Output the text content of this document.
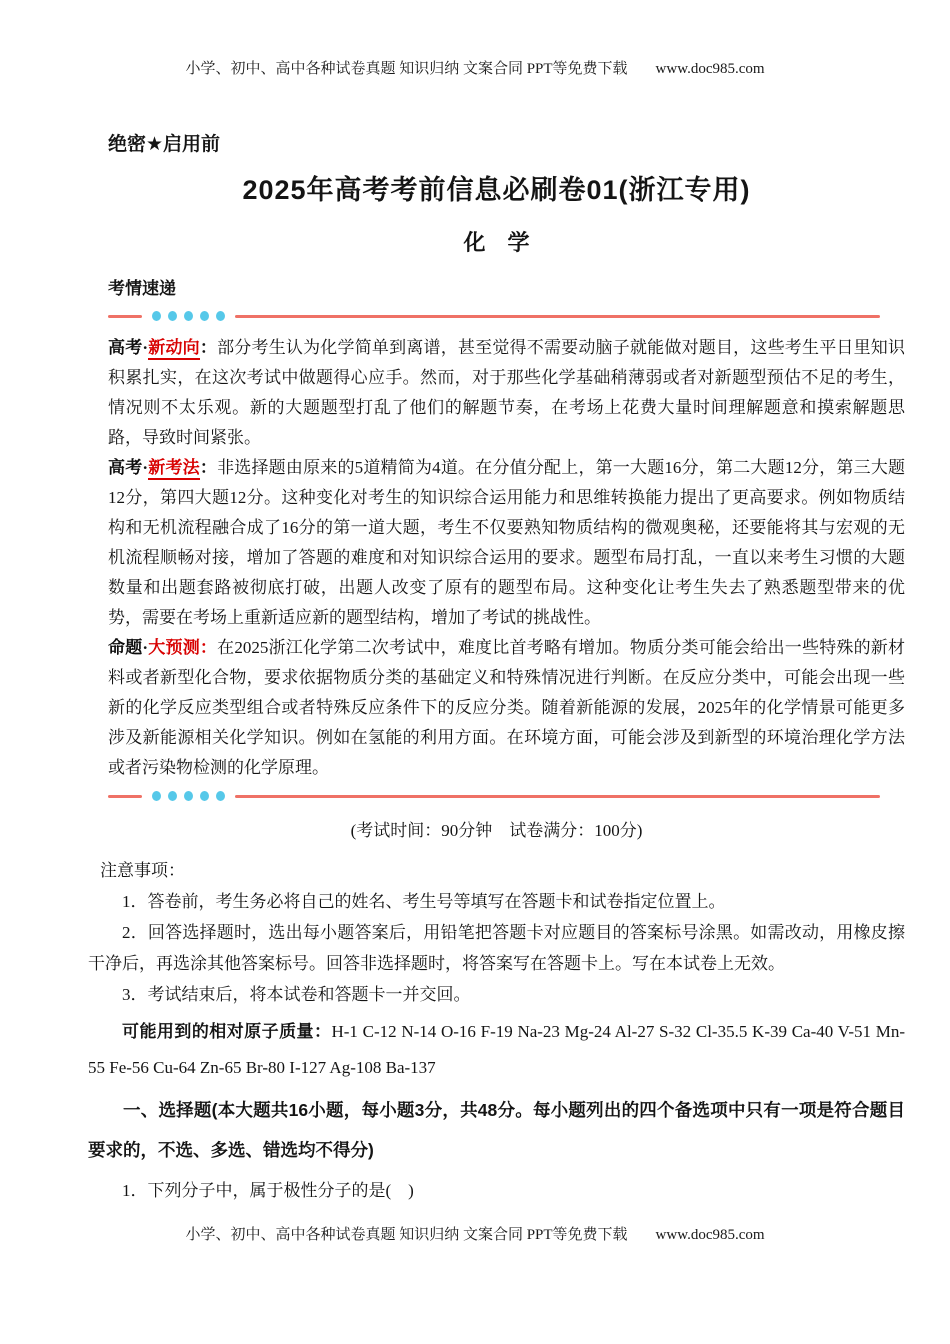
小学、初中、高中各种试卷真题 知识归纳 文案合同 PPT等免费下载 www.doc985.com
绝密★启用前
2025年高考考前信息必刷卷01(浙江专用)
化　学
考情速递

高考·新动向：部分考生认为化学简单到离谱，甚至觉得不需要动脑子就能做对题目，这些考生平日里知识积累扎实，在这次考试中做题得心应手。然而，对于那些化学基础稍薄弱或者对新题型预估不足的考生，情况则不太乐观。新的大题题型打乱了他们的解题节奏，在考场上花费大量时间理解题意和摸索解题思路，导致时间紧张。

高考·新考法：非选择题由原来的5道精简为4道。在分值分配上，第一大题16分，第二大题12分，第三大题12分，第四大题12分。这种变化对考生的知识综合运用能力和思维转换能力提出了更高要求。例如物质结构和无机流程融合成了16分的第一道大题，考生不仅要熟知物质结构的微观奥秘，还要能将其与宏观的无机流程顺畅对接，增加了答题的难度和对知识综合运用的要求。题型布局打乱，一直以来考生习惯的大题数量和出题套路被彻底打破，出题人改变了原有的题型布局。这种变化让考生失去了熟悉题型带来的优势，需要在考场上重新适应新的题型结构，增加了考试的挑战性。

命题·大预测：在2025浙江化学第二次考试中，难度比首考略有增加。物质分类可能会给出一些特殊的新材料或者新型化合物，要求依据物质分类的基础定义和特殊情况进行判断。在反应分类中，可能会出现一些新的化学反应类型组合或者特殊反应条件下的反应分类。随着新能源的发展，2025年的化学情景可能更多涉及新能源相关化学知识。例如在氢能的利用方面。在环境方面，可能会涉及到新型的环境治理化学方法或者污染物检测的化学原理。

(考试时间：90分钟　试卷满分：100分)
注意事项：

1．答卷前，考生务必将自己的姓名、考生号等填写在答题卡和试卷指定位置上。

2．回答选择题时，选出每小题答案后，用铅笔把答题卡对应题目的答案标号涂黑。如需改动，用橡皮擦干净后，再选涂其他答案标号。回答非选择题时，将答案写在答题卡上。写在本试卷上无效。

3．考试结束后，将本试卷和答题卡一并交回。

可能用到的相对原子质量：H-1 C-12 N-14 O-16 F-19 Na-23 Mg-24 Al-27 S-32 Cl-35.5 K-39 Ca-40 V-51 Mn-55 Fe-56 Cu-64 Zn-65 Br-80 I-127 Ag-108 Ba-137
一、选择题(本大题共16小题，每小题3分，共48分。每小题列出的四个备选项中只有一项是符合题目要求的，不选、多选、错选均不得分)
1．下列分子中，属于极性分子的是(　)
小学、初中、高中各种试卷真题 知识归纳 文案合同 PPT等免费下载 www.doc985.com
